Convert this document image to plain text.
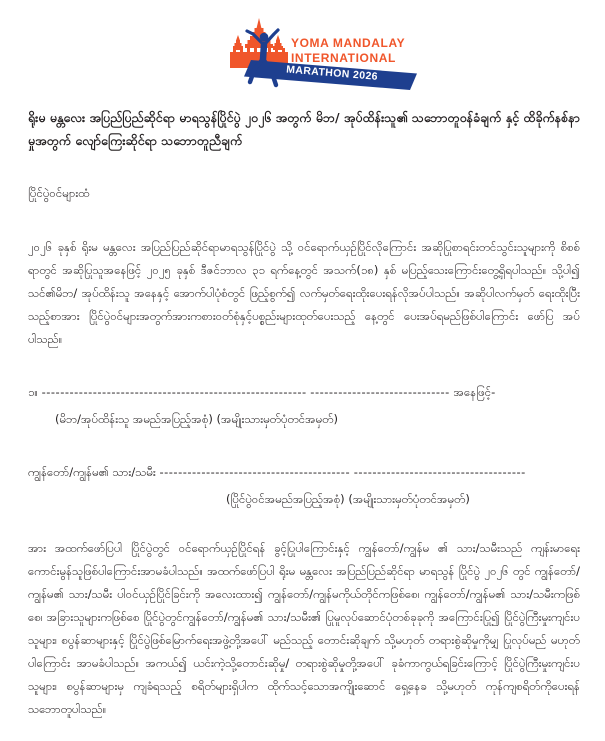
YOMA MANDALAY
INTERNATIONAL
MARATHON 2026
ရိုးမ မန္တလေး အပြည်ပြည်ဆိုင်ရာ မာရသွန်ပြိုင်ပွဲ ၂၀၂၆ အတွက် မိဘ/ အုပ်ထိန်းသူ၏ သဘောတူဝန်ခံချက် နှင့် ထိခိုက်နစ်နာမှုအတွက် လျော်ကြေးဆိုင်ရာ သဘောတူညီချက်
ပြိုင်ပွဲဝင်များထံ
၂၀၂၆ ခုနှစ် ရိုးမ မန္တလေး အပြည်ပြည်ဆိုင်ရာမာရသွန်ပြိုင်ပွဲ သို့ ဝင်ရောက်ယှဉ်ပြိုင်လိုကြောင်း အဆိုပြုစာရင်းတင်သွင်းသူများကို စိစစ်ရာတွင် အဆိုပြုသူအနေဖြင့် ၂၀၂၅ ခုနှစ် ဒီဇင်ဘာလ ၃၁ ရက်နေ့တွင် အသက်(၁၈) နှစ် မပြည့်သေးကြောင်းတွေ့ရှိရပါသည်။ သို့ပါ၍ သင်၏မိဘ/ အုပ်ထိန်းသူ အနေနှင့် အောက်ပါပုံစံတွင် ဖြည့်စွက်၍ လက်မှတ်ရေးထိုးပေးရန်လိုအပ်ပါသည်။ အဆိုပါလက်မှတ် ရေးထိုးပြီးသည့်စာအား ပြိုင်ပွဲဝင်များအတွက်အားကစားဝတ်စုံနှင့်ပစ္စည်းများထုတ်ပေးသည့် နေ့တွင် ပေးအပ်ရမည်ဖြစ်ပါကြောင်း ဖော်ပြ အပ်ပါသည်။
၁။ --------------------------------------------------------- ------------------------------ အနေဖြင့်-
(မိဘ/အုပ်ထိန်းသူ အမည်အပြည့်အစုံ) (အမျိုးသားမှတ်ပုံတင်အမှတ်)
ကျွန်တော်/ကျွန်မ၏ သား/သမီး ----------------------------------------- -------------------------------------
(ပြိုင်ပွဲဝင်အမည်အပြည့်အစုံ) (အမျိုးသားမှတ်ပုံတင်အမှတ်)
အား အထက်ဖော်ပြပါ ပြိုင်ပွဲတွင် ဝင်ရောက်ယှဉ်ပြိုင်ရန် ခွင့်ပြုပါကြောင်းနှင့် ကျွန်တော်/ကျွန်မ ၏ သား/သမီးသည် ကျန်းမာရေး ကောင်းမွန်သူဖြစ်ပါကြောင်းအာမခံပါသည်။ အထက်ဖော်ပြပါ ရိုးမ မန္တလေး အပြည်ပြည်ဆိုင်ရာ မာရသွန် ပြိုင်ပွဲ ၂၀၂၆ တွင် ကျွန်တော်/ကျွန်မ၏ သား/သမီး ပါဝင်ယှဉ်ပြိုင်ခြင်းကို အလေးထား၍ ကျွန်တော်/ကျွန်မကိုယ်တိုင်ကဖြစ်စေ၊ ကျွန်တော်/ကျွန်မ၏ သား/သမီးကဖြစ်စေ၊ အခြားသူများကဖြစ်စေ ပြိုင်ပွဲတွင်ကျွန်တော်/ကျွန်မ၏ သား/သမီး၏ ပြုမူလုပ်ဆောင်ပုံတစ်ခုခုကို အကြောင်းပြု၍ ပြိုင်ပွဲကြီးမှုးကျင်းပသူများ၊ စပွန်ဆာများနှင့် ပြိုင်ပွဲဖြစ်မြောက်ရေးအဖွဲ့တို့အပေါ် မည်သည့် တောင်းဆိုချက် သို့မဟုတ် တရားစွဲဆိုမှုကိုမျှ ပြုလုပ်မည် မဟုတ်ပါကြောင်း အာမခံပါသည်။ အကယ်၍ ယင်းကဲ့သို့တောင်းဆိုမှု/ တရားစွဲဆိုမှုတို့အပေါ် ခုခံကာကွယ်ရခြင်းကြောင့် ပြိုင်ပွဲကြီးမှုးကျင်းပသူများ၊ စပွန်ဆာများမှ ကျခံရသည့် စရိတ်များရှိပါက ထိုက်သင့်သောအကျိုးဆောင် ရှေ့နေခ သို့မဟုတ် ကုန်ကျစရိတ်ကိုပေးရန် သဘောတူပါသည်။
